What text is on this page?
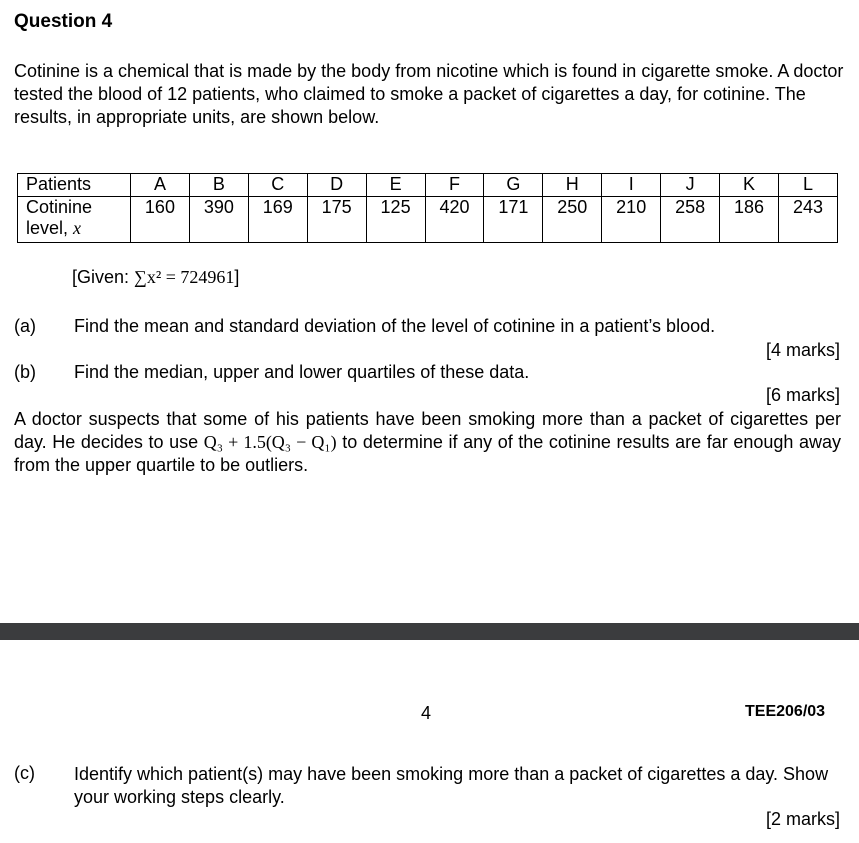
Question 4
Cotinine is a chemical that is made by the body from nicotine which is found in cigarette smoke. A doctor tested the blood of 12 patients, who claimed to smoke a packet of cigarettes a day, for cotinine. The results, in appropriate units, are shown below.
Patients	A	B	C	D	E	F	G	H	I	J	K	L
Cotinine level, x	160	390	169	175	125	420	171	250	210	258	186	243
[Given: ∑x² = 724961]
(a) Find the mean and standard deviation of the level of cotinine in a patient’s blood.
[4 marks]
(b) Find the median, upper and lower quartiles of these data.
[6 marks]
A doctor suspects that some of his patients have been smoking more than a packet of cigarettes per day. He decides to use Q₃ + 1.5(Q₃ − Q₁) to determine if any of the cotinine results are far enough away from the upper quartile to be outliers.
4	TEE206/03
(c) Identify which patient(s) may have been smoking more than a packet of cigarettes a day. Show your working steps clearly.
[2 marks]
